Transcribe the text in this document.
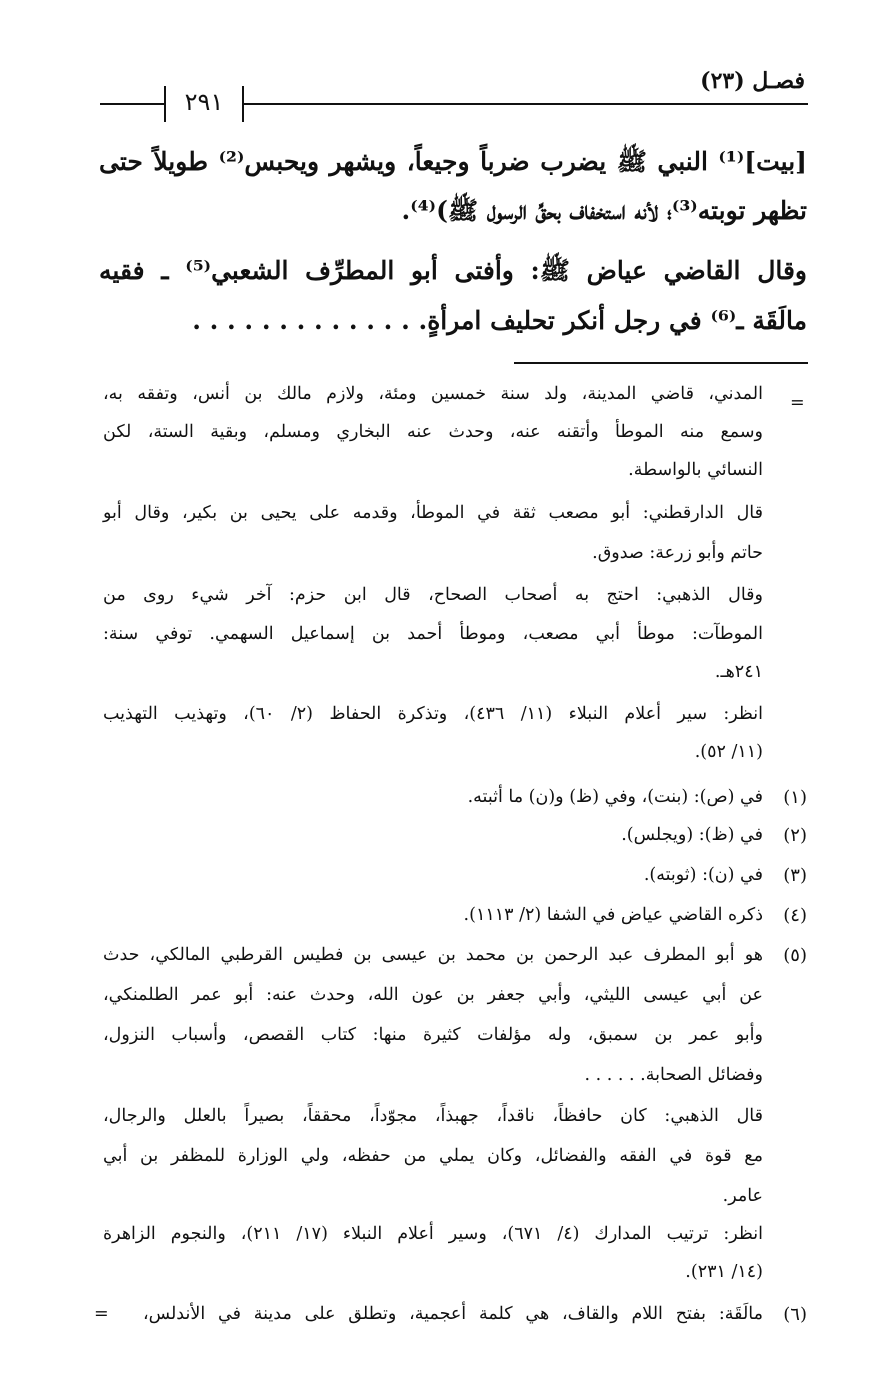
فصـل (٢٣)
٢٩١
[بيت]⁽¹⁾ النبي ﷺ يضرب ضرباً وجيعاً، ويشهر ويحبس⁽²⁾ طويلاً حتى
تظهر توبته⁽³⁾؛ لأنه استخفاف بحقِّ الرسول ﷺ)⁽⁴⁾.
وقال القاضي عياض ﷺ: وأفتى أبو المطرِّف الشعبي⁽⁵⁾ ـ فقيه
مالَقَة ـ⁽⁶⁾ في رجل أنكر تحليف امرأةٍ. . . . . . . . . . . . . .
=
المدني، قاضي المدينة، ولد سنة خمسين ومئة، ولازم مالك بن أنس، وتفقه به،
وسمع منه الموطأ وأتقنه عنه، وحدث عنه البخاري ومسلم، وبقية الستة، لكن
النسائي بالواسطة.
قال الدارقطني: أبو مصعب ثقة في الموطأ، وقدمه على يحيى بن بكير، وقال أبو
حاتم وأبو زرعة: صدوق.
وقال الذهبي: احتج به أصحاب الصحاح، قال ابن حزم: آخر شيء روى من
الموطآت: موطأ أبي مصعب، وموطأ أحمد بن إسماعيل السهمي. توفي سنة:
٢٤١هـ.
انظر: سير أعلام النبلاء (١١/ ٤٣٦)، وتذكرة الحفاظ (٢/ ٦٠)، وتهذيب التهذيب
(١١/ ٥٢).
(١)
في (ص): (بنت)، وفي (ظ) و(ن) ما أثبته.
(٢)
في (ظ): (ويجلس).
(٣)
في (ن): (ثوبته).
(٤)
ذكره القاضي عياض في الشفا (٢/ ١١١٣).
(٥)
هو أبو المطرف عبد الرحمن بن محمد بن عيسى بن فطيس القرطبي المالكي، حدث
عن أبي عيسى الليثي، وأبي جعفر بن عون الله، وحدث عنه: أبو عمر الطلمنكي،
وأبو عمر بن سمبق، وله مؤلفات كثيرة منها: كتاب القصص، وأسباب النزول،
وفضائل الصحابة. . . . . .
قال الذهبي: كان حافظاً، ناقداً، جهبذاً، مجوّداً، محققاً، بصيراً بالعلل والرجال،
مع قوة في الفقه والفضائل، وكان يملي من حفظه، ولي الوزارة للمظفر بن أبي
عامر.
انظر: ترتيب المدارك (٤/ ٦٧١)، وسير أعلام النبلاء (١٧/ ٢١١)، والنجوم الزاهرة
(١٤/ ٢٣١).
(٦)
مالَقَة: بفتح اللام والقاف، هي كلمة أعجمية، وتطلق على مدينة في الأندلس،
=
